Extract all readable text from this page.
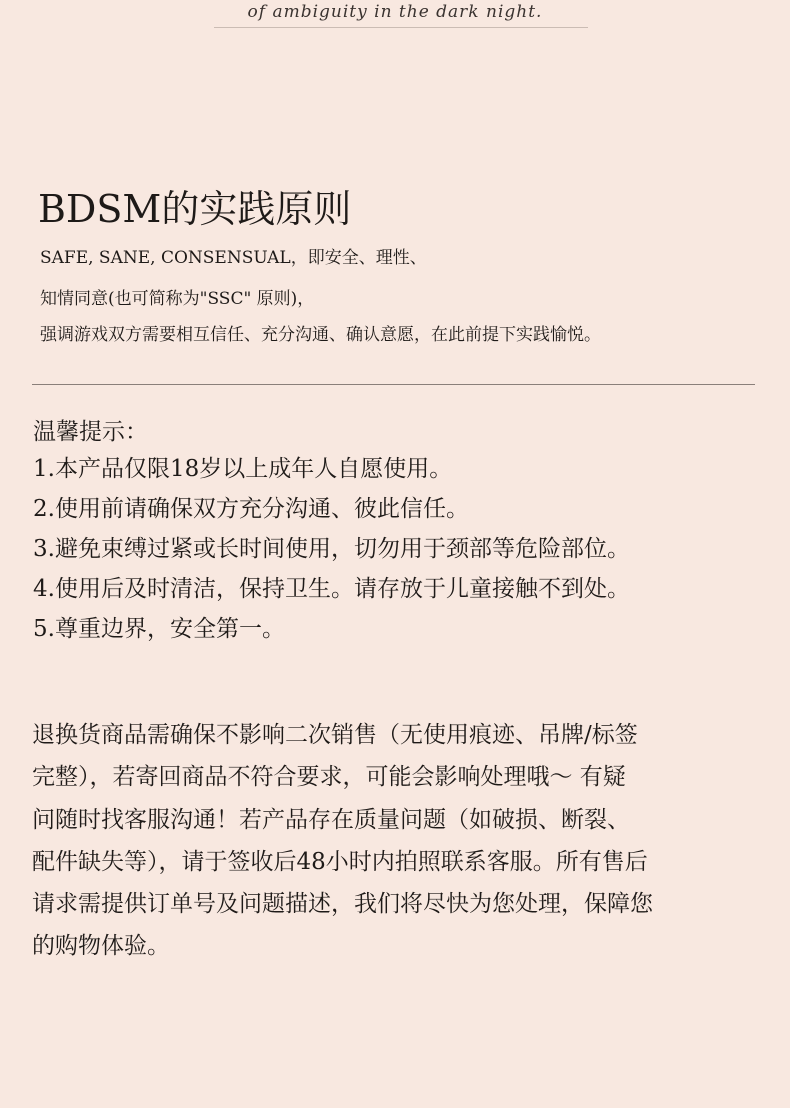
of ambiguity in the dark night.
BDSM的实践原则
SAFE, SANE, CONSENSUAL，即安全、理性、
知情同意(也可简称为"SSC" 原则)，
强调游戏双方需要相互信任、充分沟通、确认意愿，在此前提下实践愉悦。
温馨提示：
1.本产品仅限18岁以上成年人自愿使用。
2.使用前请确保双方充分沟通、彼此信任。
3.避免束缚过紧或长时间使用，切勿用于颈部等危险部位。
4.使用后及时清洁，保持卫生。请存放于儿童接触不到处。
5.尊重边界，安全第一。
退换货商品需确保不影响二次销售（无使用痕迹、吊牌/标签
完整），若寄回商品不符合要求，可能会影响处理哦～ 有疑
问随时找客服沟通！若产品存在质量问题（如破损、断裂、
配件缺失等），请于签收后48小时内拍照联系客服。所有售后
请求需提供订单号及问题描述，我们将尽快为您处理，保障您
的购物体验。
